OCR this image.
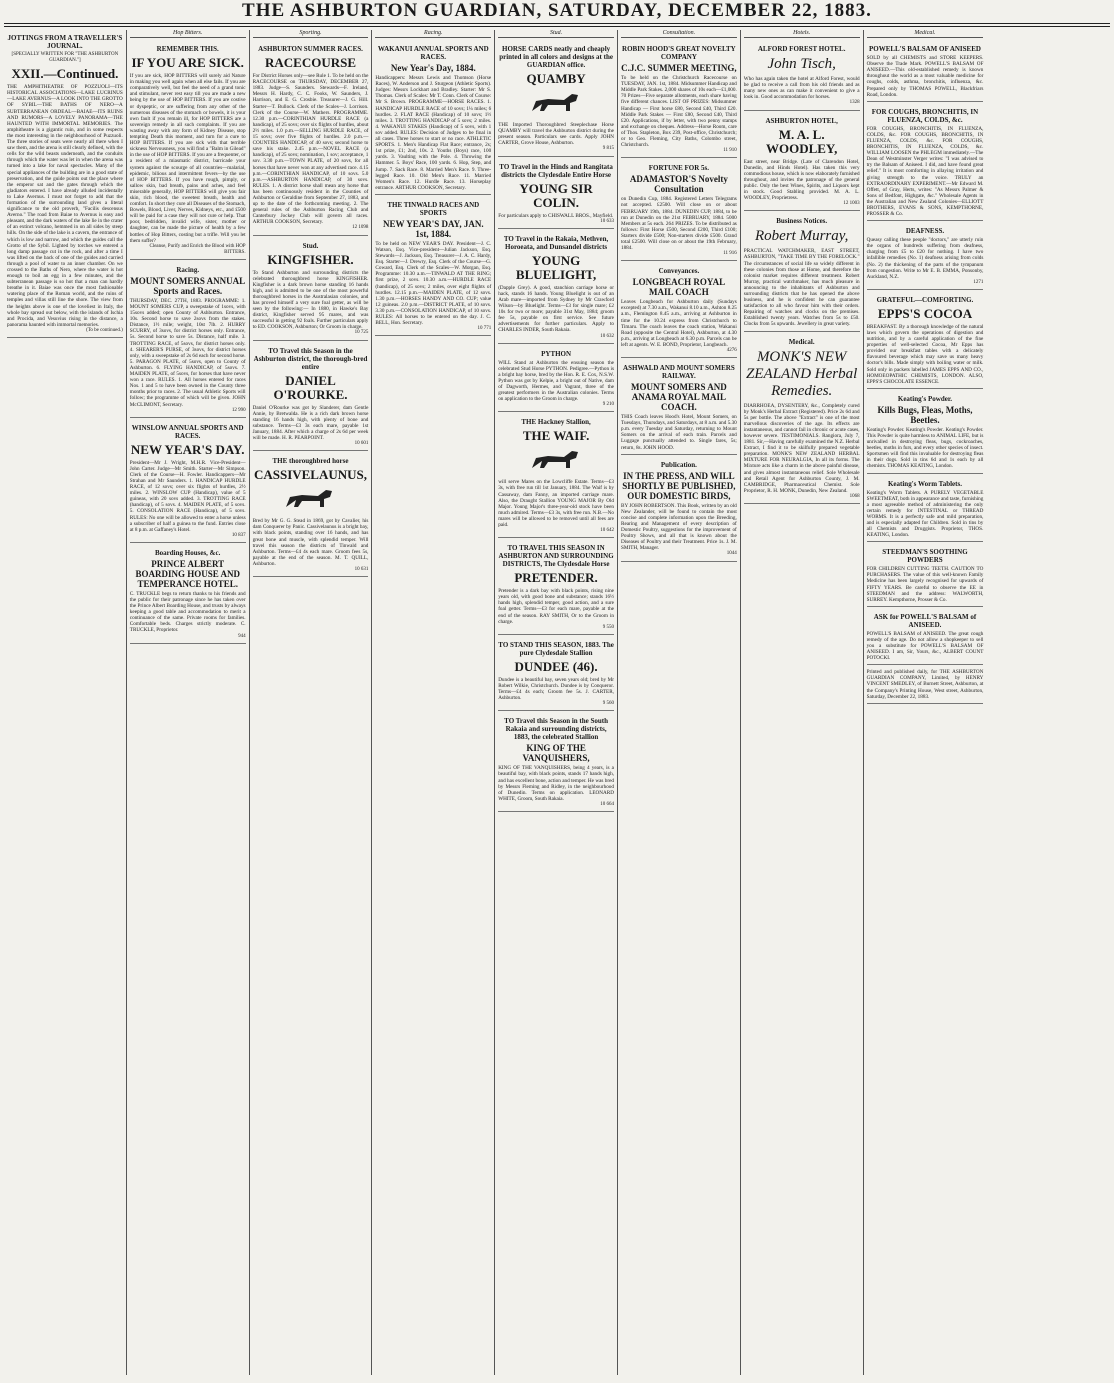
THE ASHBURTON GUARDIAN, SATURDAY, DECEMBER 22, 1883.
JOTTINGS FROM A TRAVELLER'S JOURNAL.
[SPECIALLY WRITTEN FOR "THE ASHBURTON GUARDIAN."]
XXII.—Continued.
THE AMPHITHEATRE OF POZZUOLI—ITS HISTORICAL ASSOCIATIONS—LAKE LUCRINUS—LAKE AVERNUS—A LOOK INTO THE GROTTO OF SYBIL—THE BATHS OF NERO—A SUBTERRANEAN ORDEAL—BAIAE—ITS RUINS AND RUMORS—A LOVELY PANORAMA—THE HAUNTED WITH IMMORTAL MEMORIES. The amphitheatre is a gigantic ruin, and in some respects the most interesting in the neighbourhood of Puzzuoli. The three stories of seats were nearly all there when I saw them, and the arena is still clearly defined, with the cells for the wild beasts underneath, and the conduits through which the water was let in when the arena was turned into a lake for naval spectacles. Many of the special appliances of the building are in a good state of preservation, and the guide points out the place where the emperor sat and the gates through which the gladiators entered. I have already alluded incidentally to Lake Avernus. I must not forget to add that the formation of the surrounding land gives a literal significance to the old proverb, "Facilis descensus Averno." The road from Baiae to Avernus is easy and pleasant, and the dark waters of the lake lie in the crater of an extinct volcano, hemmed in on all sides by steep hills. On the side of the lake is a cavern, the entrance of which is low and narrow, and which the guides call the Grotto of the Sybil. Lighted by torches we entered a long damp passage cut in the rock, and after a time I was lifted on the back of one of the guides and carried through a pool of water to an inner chamber. On we crossed to the Baths of Nero, where the water is hot enough to boil an egg in a few minutes, and the subterranean passage is so hot that a man can hardly breathe in it. Baiae was once the most fashionable watering place of the Roman world, and the ruins of temples and villas still line the shore. The view from the heights above is one of the loveliest in Italy, the whole bay spread out below, with the islands of Ischia and Procida, and Vesuvius rising in the distance, a panorama haunted with immortal memories.
(To be continued.)
Hop Bitters.
REMEMBER THIS.
IF YOU ARE SICK.
If you are sick, HOP BITTERS will surely aid Nature in making you well again when all else fails. If you are comparatively well, but feel the need of a grand tonic and stimulant, never rest easy till you are made a new being by the use of HOP BITTERS. If you are costive or dyspeptic, or are suffering from any other of the numerous diseases of the stomach or bowels, it is your own fault if you remain ill, for HOP BITTERS are a sovereign remedy in all such complaints. If you are wasting away with any form of Kidney Disease, stop tempting Death this moment, and turn for a cure to HOP BITTERS. If you are sick with that terrible sickness Nervousness, you will find a "Balm in Gilead" in the use of HOP BITTERS. If you are a frequenter, or a resident of a miasmatic district, barricade your system against the scourge of all countries—malarial, epidemic, bilious and intermittent fevers—by the use of HOP BITTERS. If you have rough, pimply, or sallow skin, bad breath, pains and aches, and feel miserable generally, HOP BITTERS will give you fair skin, rich blood, the sweetest breath, health and comfort. In short they cure all Diseases of the Stomach, Bowels, Blood, Liver, Nerves, Kidneys, etc., and £500 will be paid for a case they will not cure or help. That poor, bedridden, invalid wife, sister, mother or daughter, can be made the picture of health by a few bottles of Hop Bitters, costing but a trifle. Will you let them suffer?
Cleanse, Purify and Enrich the Blood with HOP BITTERS.
Racing.
MOUNT SOMERS ANNUAL Sports and Races.
THURSDAY, DEC. 27TH, 1883. PROGRAMME: 1. MOUNT SOMERS CUP, a sweepstake of 1sovs, with 15sovs added; open County of Ashburton. Entrance, 10s. Second horse to save 2sovs from the stakes. Distance, 1½ mile; weight, 10st 7lb. 2. HURRY SCURRY, of 3sovs, for district horses only. Entrance, 5s. Second horse to save 5s. Distance, half mile. 3. TROTTING RACE, of 5sovs, for district horses only. 4. SHEARER'S PURSE, of 3sovs, for district horses only, with a sweepstake of 2s 6d each for second horse. 5. PARAGON PLATE, of 5sovs, open to County of Ashburton. 6. FLYING HANDICAP, of 5sovs. 7. MAIDEN PLATE, of 5sovs, for horses that have never won a race. RULES. 1. All horses entered for races Nos. 1 and 5 to have been owned in the County three months prior to races. 2. The usual Athletic Sports will follow; the programme of which will be given. JOHN McCLIMONT, Secretary.
12 990
WINSLOW ANNUAL SPORTS AND RACES.
NEW YEAR'S DAY.
President—Mr J. Wright, M.H.R. Vice-President—John Carter. Judge—Mr Smith. Starter—Mr Simpson. Clerk of the Course—H. Fowler. Handicappers—Mr Strahan and Mr Saunders. 1. HANDICAP HURDLE RACE, of 12 sovs; over six flights of hurdles, 2½ miles. 2. WINSLOW CUP (Handicap), value of 5 guineas, with 20 sovs added. 3. TROTTING RACE (handicap), of 5 sovs. 4. MAIDEN PLATE, of 5 sovs. 5. CONSOLATION RACE (Handicap), of 5 sovs. RULES: No one will be allowed to enter a horse unless a subscriber of half a guinea to the fund. Entries close at 8 p.m. at Gaffaney's Hotel.
10 837
Boarding Houses, &c.
PRINCE ALBERT BOARDING HOUSE AND TEMPERANCE HOTEL.
C. TRUCKLE begs to return thanks to his friends and the public for their patronage since he has taken over the Prince Albert Boarding House, and trusts by always keeping a good table and accommodation to merit a continuance of the same. Private rooms for families. Comfortable beds. Charges strictly moderate. C. TRUCKLE, Proprietor.
944
Sporting.
ASHBURTON SUMMER RACES.
RACECOURSE
For District Horses only—see Rule 1. To be held on the RACECOURSE on THURSDAY, DECEMBER 27, 1883. Judge—S. Saunders. Stewards—F. Ireland, Messrs H. Hardy, C. C. Fooks, W. Saunders, J. Harrison, and E. G. Crosbie. Treasurer—J. G. Hill. Starter—T. Bullock. Clerk of the Scales—J. Lorrison. Clerk of the Course—W. Mathers. PROGRAMME. 12.30 p.m.—CORINTHIAN HURDLE RACE (a handicap), of 25 sovs; over six flights of hurdles, about 2½ miles. 1.0 p.m.—SELLING HURDLE RACE, of 15 sovs; over five flights of hurdles. 2.0 p.m.—COUNTIES HANDICAP, of 40 sovs; second horse to save his stake. 2.45 p.m.—NOVEL RACE (a handicap), of 25 sovs; nomination, 1 sov; acceptance, 1 sov. 3.30 p.m.—TOWN PLATE, of 20 sovs, for all horses that have never won at any advertised race. 4.15 p.m.—CORINTHIAN HANDICAP, of 10 sovs. 5.0 p.m.—ASHBURTON HANDICAP, of 30 sovs. RULES. 1. A district horse shall mean any horse that has been continuously resident in the Counties of Ashburton or Geraldine from September 27, 1883, and up to the date of the forthcoming meeting. 2. The general rules of the Ashburton Racing Club and Canterbury Jockey Club will govern all races. ARTHUR COOKSON, Secretary.
12 1098
Stud.
KINGFISHER.
To Stand Ashburton and surrounding districts the celebrated thoroughbred horse KINGFISHER. Kingfisher is a dark brown horse standing 16 hands high, and is admitted to be one of the most powerful thoroughbred horses in the Australasian colonies, and has proved himself a very sure foal getter, as will be seen by the following:— In 1880, in Hawke's Bay district, Kingfisher served 95 mares, and was successful in getting 92 foals. Further particulars apply to ED. COOKSON, Ashburton; Or Groom in charge.
10 725
TO Travel this Season in the Ashburton district, the thorough-bred entire
DANIEL O'ROURKE.
Daniel O'Rourke was got by Slanderer, dam Gentle Annie, by Bretwalda. He is a rich dark brown horse standing 16 hands high, with plenty of bone and substance. Terms—£3 3s each mare, payable 1st January, 1884. After which a charge of 2s 6d per week will be made. H. R. PEARPOINT.
10 601
THE thoroughbred horse
CASSIVELAUNUS,
Bred by Mr G. G. Stead in 1869, got by Cavalier, his dam Conquerer by Panic. Cassivelaunus is a bright bay, with black points, standing over 16 hands, and has great bone and muscle, with splendid temper. Will travel this season the districts of Tinwald and Ashburton. Terms—£4 4s each mare. Groom fees 5s, payable at the end of the season. M. T. QUILL, Ashburton.
10 631
Racing.
WAKANUI ANNUAL SPORTS AND RACES.
New Year's Day, 1884.
Handicappers: Messrs Lewis and Thomson (Horse Races), W. Anderson and J. Sturgeon (Athletic Sports). Judges: Messrs Lockhart and Bradley. Starter: Mr S. Thomas. Clerk of Scales: Mr T. Conn. Clerk of Course: Mr S. Brown. PROGRAMME—HORSE RACES. 1. HANDICAP HURDLE RACE of 10 sovs; 1¼ miles; 6 hurdles. 2. FLAT RACE (Handicap) of 10 sovs; 1½ miles. 3. TROTTING HANDICAP of 5 sovs; 2 miles. 4. WAKANUI STAKES (Handicap) of 5 sovs, with 1 sov added. RULES: Decision of Judges to be final in all cases. Three horses to start or no race. ATHLETIC SPORTS. 1. Men's Handicap Flat Race; entrance, 2s; 1st prize, £1; 2nd, 10s. 2. Youths (Boys) race, 100 yards. 3. Vaulting with the Pole. 4. Throwing the Hammer. 5. Boys' Race, 100 yards. 6. Hop, Step, and Jump. 7. Sack Race. 8. Married Men's Race. 9. Three-legged Race. 10. Old Men's Race. 11. Married Women's Race. 12. Hurdle Race. 13. Horseplay entrance. ARTHUR COOKSON, Secretary.
THE TINWALD RACES AND SPORTS
NEW YEAR'S DAY, JAN. 1st, 1884.
To be held on NEW YEAR'S DAY. President—J. C. Watson, Esq. Vice-president—Julian Jackson, Esq. Stewards—J. Jackson, Esq. Treasurer—J. A. C. Hardy, Esq. Starter—J. Drewry, Esq. Clerk of the Course—G. Coward, Esq. Clerk of the Scales—W. Morgan, Esq. Programme: 10.30 a.m.—TINWALD AT THE RING; first prize, 2 sovs. 10.30 a.m.—HURDLE RACE (handicap), of 25 sovs; 2 miles, over eight flights of hurdles. 12.15 p.m.—MAIDEN PLATE, of 12 sovs. 1.30 p.m.—HORSES HANDY AND CO. CUP; value 12 guineas. 2.0 p.m.—DISTRICT PLATE, of 10 sovs. 3.30 p.m.—CONSOLATION HANDICAP, of 10 sovs. RULES: All horses to be entered on the day. J. C. BELL, Hon. Secretary.
10 771
Stud.
HORSE CARDS neatly and cheaply printed in all colors and designs at the GUARDIAN office.
QUAMBY
THE Imported Thoroughbred Steeplechase Horse QUAMBY will travel the Ashburton district during the present season. Particulars see cards. Apply JOHN CARTER, Grove House, Ashburton.
9 815
TO Travel in the Hinds and Rangitata districts the Clydesdale Entire Horse
YOUNG SIR COLIN.
For particulars apply to CHISWALL BROS., Mayfield.
10 633
TO Travel in the Rakaia, Methven, Horoeata, and Dunsandel districts
YOUNG BLUELIGHT,
(Dapple Grey). A good, stanchion carriage horse or hack, stands 16 hands. Young Bluelight is out of an Arab mare—imported from Sydney by Mr Crawford Wilson—by Bluelight. Terms—£3 for single mare; £2 10s for two or more; payable 31st May, 1884; groom fee 5s, payable on first service. See future advertisements for further particulars. Apply to CHARLES INDER, South Rakaia.
10 632
PYTHON
WILL Stand at Ashburton the ensuing season the celebrated Stud Horse PYTHON. Pedigree.—Python is a bright bay horse, bred by the Hon. R. E. Cox, N.S.W. Python was got by Kelpie, a bright out of Native, dam of Dagworth, Hermes, and Vagrant, three of the greatest performers in the Australian colonies. Terms on application to the Groom in charge.
9 210
THE Hackney Stallion,
THE WAIF.
will serve Mares on the Lowcliffe Estate. Terms—£3 3s, with free run till 1st January, 1884. The Waif is by Cassaway, dam Fanny, an imported carriage mare. Also, the Draught Stallion YOUNG MAJOR By Old Major. Young Major's three-year-old stock have been much admired. Terms—£3 3s, with free run. N.B.—No mares will be allowed to be removed until all fees are paid.
10 642
TO TRAVEL THIS SEASON IN ASHBURTON AND SURROUNDING DISTRICTS, The Clydesdale Horse
PRETENDER.
Pretender is a dark bay with black points, rising nine years old, with good bone and substance; stands 16½ hands high, splendid temper, good action, and a sure foal getter. Terms—£3 for each mare, payable at the end of the season. RAY SMITH, Or to the Groom in charge.
9 550
TO STAND THIS SEASON, 1883. The pure Clydesdale Stallion
DUNDEE (46).
Dundee is a beautiful bay, seven years old; bred by Mr Robert Wilkie, Christchurch. Dundee is by Conqueror. Terms—£4 4s each; Groom fee 5s. J. CARTER, Ashburton.
9 560
TO Travel this Season in the South Rakaia and surrounding districts, 1883, the celebrated Stallion
KING OF THE VANQUISHERS,
KING OF THE VANQUISHERS, being 4 years, is a beautiful bay, with black points, stands 17 hands high, and has excellent bone, action and temper. He was bred by Messrs Fleming and Ridley, in the neighbourhood of Dunedin. Terms on application. LEONARD WHITE, Groom, South Rakaia.
10 664
Consultation.
ROBIN HOOD'S GREAT NOVELTY COMPANY
C.J.C. SUMMER MEETING,
To be held on the Christchurch Racecourse on TUESDAY, JAN. 1st, 1884. Midsummer Handicap and Middle Park Stakes. 2,000 shares of 10s each—£1,000. 70 Prizes—Five separate allotments, each share having five different chances. LIST OF PRIZES: Midsummer Handicap — First horse £80, Second £40, Third £20. Middle Park Stakes — First £80, Second £40, Third £20. Applications, if by letter, with two penny stamps and exchange on cheques. Address—Horse Room, care of Thos. Stapleton, Box 239, Post-office, Christchurch; or to Geo. Fleming, City Baths, Colombo street, Christchurch.
11 910
FORTUNE FOR 5s.
ADAMASTOR'S Novelty Consultation
on Dunedin Cup, 1884. Registered Letters Telegrams not accepted. £2500. Will close on or about FEBRUARY 19th, 1884. DUNEDIN CUP, 1884, to be run at Dunedin on the 21st FEBRUARY, 1884. 5000 Members at 5s each. 264 PRIZES. To be distributed as follows: First Horse £500, Second £200, Third £100; Starters divide £500; Non-starters divide £500. Grand total £2500. Will close on or about the 19th February, 1884.
11 916
Conveyances.
LONGBEACH ROYAL MAIL COACH
Leaves Longbeach for Ashburton daily (Sundays excepted) at 7.30 a.m., Wakanui 8.10 a.m., Ashton 8.25 a.m., Flemington 8.45 a.m., arriving at Ashburton in time for the 10.24 express from Christchurch to Timaru. The coach leaves the coach station, Wakanui Road (opposite the Central Hotel), Ashburton, at 4.30 p.m., arriving at Longbeach at 6.30 p.m. Parcels can be left at agents. W. E. BOND, Proprietor, Longbeach.
4276
ASHWALD AND MOUNT SOMERS RAILWAY.
MOUNT SOMERS AND ANAMA ROYAL MAIL COACH.
THIS Coach leaves Hood's Hotel, Mount Somers, on Tuesdays, Thursdays, and Saturdays, at 8 a.m. and 5.30 p.m. every Tuesday and Saturday, returning to Mount Somers on the arrival of each train. Parcels and Luggage punctually attended to. Single fares, 5s; return, 8s. JOHN HOOD.
Publication.
IN THE PRESS, AND WILL SHORTLY BE PUBLISHED, OUR DOMESTIC BIRDS,
BY JOHN ROBERTSON. This Book, written by an old New Zealander, will be found to contain the most concise and complete information upon the Breeding, Rearing and Management of every description of Domestic Poultry, suggestions for the improvement of Poultry Shows, and all that is known about the Diseases of Poultry and their Treatment. Price 1s. J. M. SMITH, Manager.
1044
Hotels.
ALFORD FOREST HOTEL.
John Tisch,
Who has again taken the hotel at Alford Forest, would be glad to receive a call from his old friends and as many new ones as can make it convenient to give a look in. Good accommodation for horses.
1328
ASHBURTON HOTEL,
M. A. L. WOODLEY,
East street, near Bridge. (Late of Clarendon Hotel, Dunedin, and Hinds Hotel). Has taken this very commodious house, which is now elaborately furnished throughout, and invites the patronage of the general public. Only the best Wines, Spirits, and Liquors kept in stock. Good Stabling provided. M. A. L. WOODLEY, Proprietress.
12 1003
Business Notices.
Robert Murray,
PRACTICAL WATCHMAKER, EAST STREET, ASHBURTON, "TAKE TIME BY THE FORELOCK." The circumstances of social life so widely different in these colonies from those at Home, and therefore the colonist market requires different treatment. Robert Murray, practical watchmaker, has much pleasure in announcing to the inhabitants of Ashburton and surrounding districts that he has opened the above business, and he is confident he can guarantee satisfaction to all who favour him with their orders. Repairing of watches and clocks on the premises. Established twenty years. Watches from 5s to £50. Clocks from 5s upwards. Jewellery in great variety.
Medical.
MONK'S NEW ZEALAND Herbal Remedies.
DIARRHOEA, DYSENTERY, &c., Completely cured by Monk's Herbal Extract (Registered). Price 2s 6d and 5s per bottle. The above "Extract" is one of the most marvellous discoveries of the age. Its effects are instantaneous, and cannot fail in chronic or acute cases, however severe. TESTIMONIALS. Rangiora, July 7, 1881. Sir,—Having carefully examined the N.Z. Herbal Extract, I find it to be skilfully prepared vegetable preparation. MONK'S NEW ZEALAND HERBAL MIXTURE FOR NEURALGIA, In all its forms. The Mixture acts like a charm in the above painful disease, and gives almost instantaneous relief. Sole Wholesale and Retail Agent for Ashburton County, J. M. CAMBRIDGE, Pharmaceutical Chemist. Sole Proprietor, R. H. MONK, Dunedin, New Zealand.
1068
Medical.
POWELL'S BALSAM OF ANISEED
SOLD by all CHEMISTS and STORE KEEPERS. Observe the Trade Mark. POWELL'S BALSAM OF ANISEED.—This old-established remedy is known throughout the world as a most valuable medicine for coughs, colds, asthma, bronchitis, influenza, &c. Prepared only by THOMAS POWELL, Blackfriars Road, London.
FOR COUGHS, BRONCHITIS, IN FLUENZA, COLDS, &c.
FOR COUGHS, BRONCHITIS, IN FLUENZA, COLDS, &c. FOR COUGHS, BRONCHITIS, IN FLUENZA, COLDS, &c. FOR COUGHS, BRONCHITIS, IN FLUENZA, COLDS, &c. WILLIAM LOOSEN the PHLEGM immediately.—The Dean of Westminster Verger writes: "I was advised to try the Balsam of Aniseed. I did, and have found great relief." It is most comforting in allaying irritation and giving strength to the voice. TRULY an EXTRAORDINARY EXPERIMENT.—Mr Edward M. Offett, of Gray, Herts, writes: "As Messrs Palmer & Sons of Bedfont, Highgate, &c." Wholesale Agents in the Australian and New Zealand Colonies—ELLIOTT BROTHERS, EVANS & SONS, KEMPTHORNE, PROSSER & Co.
DEAFNESS.
Queasy calling these people "doctors," are utterly ruin the organs of hundreds suffering from deafness, charging from £5 to £20 for nothing. I have two infallible remedies (No. 1) deafness arising from colds (No. 2) the thickening of the parts of the tympanum from congestion. Write to Mr E. B. EMMA, Ponsonby, Auckland, N.Z.
1271
GRATEFUL—COMFORTING.
EPPS'S COCOA
BREAKFAST. By a thorough knowledge of the natural laws which govern the operations of digestion and nutrition, and by a careful application of the fine properties of well-selected Cocoa, Mr Epps has provided our breakfast tables with a delicately flavoured beverage which may save us many heavy doctor's bills. Made simply with boiling water or milk. Sold only in packets labelled JAMES EPPS AND CO., HOMOEOPATHIC CHEMISTS, LONDON. ALSO, EPPS'S CHOCOLATE ESSENCE.
Keating's Powder.
Kills Bugs, Fleas, Moths, Beetles.
Keating's Powder. Keating's Powder. Keating's Powder. This Powder is quite harmless to ANIMAL LIFE, but is unrivalled in destroying fleas, bugs, cockroaches, beetles, moths in furs, and every other species of insect. Sportsmen will find this invaluable for destroying fleas in their dogs. Sold in tins 6d and 1s each by all chemists. THOMAS KEATING, London.
Keating's Worm Tablets.
Keating's Worm Tablets. A PURELY VEGETABLE SWEETMEAT, both in appearance and taste, furnishing a most agreeable method of administering the only certain remedy for INTESTINAL or THREAD WORMS. It is a perfectly safe and mild preparation, and is especially adapted for Children. Sold in tins by all Chemists and Druggists. Proprietor, THOS. KEATING, London.
STEEDMAN'S SOOTHING POWDERS
FOR CHILDREN CUTTING TEETH. CAUTION TO PURCHASERS. The value of this well-known Family Medicine has been largely recognised for upwards of FIFTY YEARS. Be careful to observe the EE in STEEDMAN and the address: WALWORTH, SURREY. Kempthorne, Prosser & Co.
ASK for POWELL'S BALSAM of ANISEED.
POWELL'S BALSAM of ANISEED. The great cough remedy of the age. Do not allow a shopkeeper to sell you a substitute for POWELL'S BALSAM OF ANISEED. I am, Sir, Yours, &c., ALBERT COUNT POTOCKI.
Printed and published daily, for THE ASHBURTON GUARDIAN COMPANY, Limited, by HENRY VINCENT SMEDLEY, of Burnett Street, Ashburton, at the Company's Printing House, West street, Ashburton, Saturday, December 22, 1883.
